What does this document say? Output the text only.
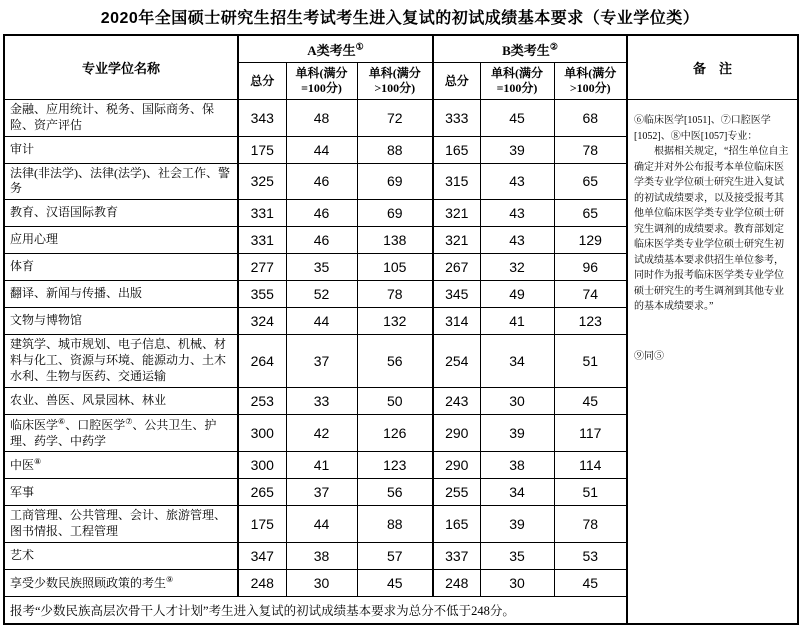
2020年全国硕士研究生招生考试考生进入复试的初试成绩基本要求（专业学位类）
专业学位名称	A类考生①			B类考生②			备　注
	总分	单科(满分=100分)	单科(满分>100分)	总分	单科(满分=100分)	单科(满分>100分)	
金融、应用统计、税务、国际商务、保险、资产评估	343	48	72	333	45	68	⑥临床医学[1051]、⑦口腔医学[1052]、⑧中医[1057]专业：

根据相关规定，“招生单位自主确定并对外公布报考本单位临床医学类专业学位硕士研究生进入复试的初试成绩要求，以及接受报考其他单位临床医学类专业学位硕士研究生调剂的成绩要求。教育部划定临床医学类专业学位硕士研究生初试成绩基本要求供招生单位参考，同时作为报考临床医学类专业学位硕士研究生的考生调剂到其他专业的基本成绩要求。”

⑨同⑤

审计	175	44	88	165	39	78	
法律(非法学)、法律(法学)、社会工作、警务	325	46	69	315	43	65	
教育、汉语国际教育	331	46	69	321	43	65	
应用心理	331	46	138	321	43	129	
体育	277	35	105	267	32	96	
翻译、新闻与传播、出版	355	52	78	345	49	74	
文物与博物馆	324	44	132	314	41	123	
建筑学、城市规划、电子信息、机械、材料与化工、资源与环境、能源动力、土木水利、生物与医药、交通运输	264	37	56	254	34	51	
农业、兽医、风景园林、林业	253	33	50	243	30	45	
临床医学⑥、口腔医学⑦、公共卫生、护理、药学、中药学	300	42	126	290	39	117	
中医⑧	300	41	123	290	38	114	
军事	265	37	56	255	34	51	
工商管理、公共管理、会计、旅游管理、图书情报、工程管理	175	44	88	165	39	78	
艺术	347	38	57	337	35	53	
享受少数民族照顾政策的考生⑨	248	30	45	248	30	45	
报考“少数民族高层次骨干人才计划”考生进入复试的初试成绩基本要求为总分不低于248分。							
